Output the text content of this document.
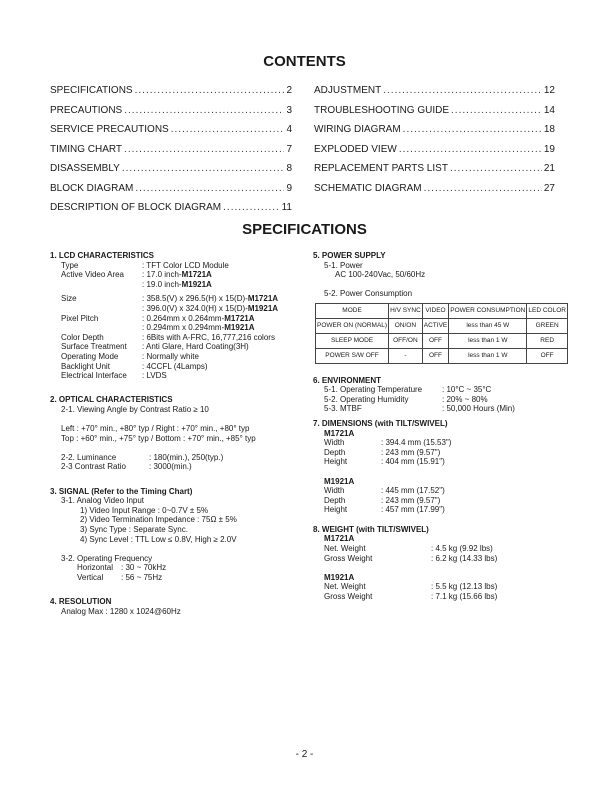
CONTENTS
SPECIFICATIONS .....	2
PRECAUTIONS .....	3
SERVICE PRECAUTIONS .....	4
TIMING CHART .....	7
DISASSEMBLY .....	8
BLOCK DIAGRAM .....	9
DESCRIPTION OF BLOCK DIAGRAM .....	11
ADJUSTMENT .....	12
TROUBLESHOOTING GUIDE .....	14
WIRING DIAGRAM .....	18
EXPLODED VIEW .....	19
REPLACEMENT PARTS LIST .....	21
SCHEMATIC DIAGRAM .....	27
SPECIFICATIONS
1. LCD CHARACTERISTICS
Type	: TFT Color LCD Module
Active Video Area	: 17.0 inch-M1721A
: 19.0 inch-M1921A
Size	: 358.5(V) x 296.5(H) x 15(D)-M1721A
: 396.0(V) x 324.0(H) x 15(D)-M1921A
Pixel Pitch	: 0.264mm x 0.264mm-M1721A
: 0.294mm x 0.294mm-M1921A
Color Depth	: 6Bits with A-FRC, 16,777,216 colors
Surface Treatment	: Anti Glare, Hard Coating(3H)
Operating Mode	: Normally white
Backlight Unit	: 4CCFL (4Lamps)
Electrical Interface	: LVDS
2. OPTICAL CHARACTERISTICS
2-1. Viewing Angle by Contrast Ratio ≥ 10
Left : +70° min., +80° typ / Right : +70° min., +80° typ
Top : +60° min., +75° typ / Bottom : +70° min., +85° typ
2-2. Luminance	: 180(min.), 250(typ.)
2-3 Contrast Ratio	: 3000(min.)
3. SIGNAL (Refer to the Timing Chart)
3-1. Analog Video Input
1) Video Input Range : 0~0.7V ± 5%
2) Video Termination Impedance : 75Ω ± 5%
3) Sync Type : Separate Sync.
4) Sync Level : TTL Low ≤ 0.8V, High ≥ 2.0V
3-2. Operating Frequency
Horizontal : 30 ~ 70kHz
Vertical	: 56 ~ 75Hz
4. RESOLUTION
Analog Max : 1280 x 1024@60Hz
5. POWER SUPPLY
5-1. Power
AC 100-240Vac, 50/60Hz
5-2. Power Consumption
MODE	H/V SYNC	VIDEO	POWER CONSUMPTION	LED COLOR
POWER ON (NORMAL)	ON/ON	ACTIVE	less than 45 W	GREEN
SLEEP MODE	OFF/ON	OFF	less than 1 W	RED
POWER S/W OFF	-	OFF	less than 1 W	OFF
6. ENVIRONMENT
5-1. Operating Temperature	: 10°C ~ 35°C
5-2. Operating Humidity	: 20% ~ 80%
5-3. MTBF	: 50,000 Hours (Min)
7. DIMENSIONS (with TILT/SWIVEL)
M1721A
Width	: 394.4 mm (15.53")
Depth	: 243 mm (9.57")
Height	: 404 mm (15.91")
M1921A
Width	: 445 mm (17.52")
Depth	: 243 mm (9.57")
Height	: 457 mm (17.99")
8. WEIGHT (with TILT/SWIVEL)
M1721A
Net. Weight	: 4.5 kg (9.92 lbs)
Gross Weight	: 6.2 kg (14.33 lbs)
M1921A
Net. Weight	: 5.5 kg (12.13 lbs)
Gross Weight	: 7.1 kg (15.66 lbs)
- 2 -
